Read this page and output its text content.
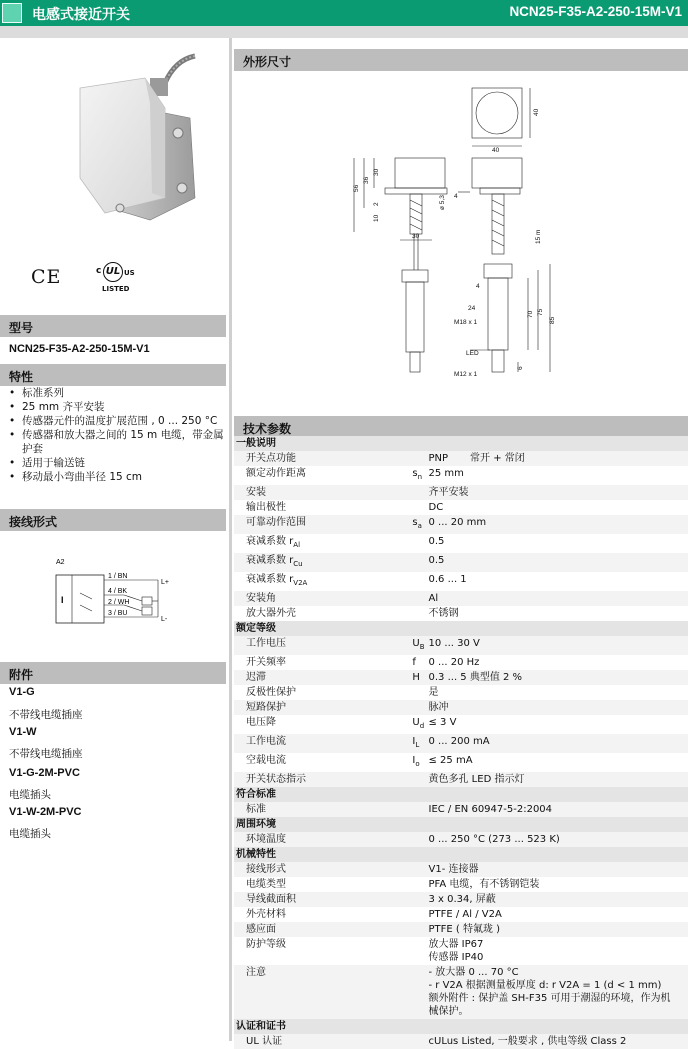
电感式接近开关	NCN25-F35-A2-250-15M-V1
CE	c UL US
LISTED
型号
NCN25-F35-A2-250-15M-V1
特性
• 标准系列
• 25 mm 齐平安装
• 传感器元件的温度扩展范围 , 0 ... 250 °C
• 传感器和放大器之间的 15 m 电缆，带金属护套
• 适用于输送链
• 移动最小弯曲半径 15 cm
接线形式
A2
I
1 / BN
4 / BK
2 / WH
3 / BU
L+
L-
附件
V1-G
不带线电缆插座
V1-W
不带线电缆插座
V1-G-2M-PVC
电缆插头
V1-W-2M-PVC
电缆插头
外形尺寸
40
40
56
36
30
ø 5,3
2
10
30
4
15 m
4
24
70 75
85
6
M18 x 1
LED
M12 x 1
技术参数
一般说明		
开关点功能		PNP 常开 + 常闭
额定动作距离	$s_n$	25 mm
安装		齐平安装
输出极性		DC
可靠动作范围	$s_a$	0 ... 20 mm
衰减系数 $r_{Al}$		0.5
衰减系数 $r_{Cu}$		0.5
衰减系数 $r_{V2A}$		0.6 ... 1
安装角		Al
放大器外壳		不锈钢
额定等级		
工作电压	$U_B$	10 ... 30 V
开关频率	f	0 ... 20 Hz
迟滞	H	0.3 ... 5 典型值 2 %
反极性保护		是
短路保护		脉冲
电压降	$U_d$	≤ 3 V
工作电流	$I_L$	0 ... 200 mA
空载电流	$I_o$	≤ 25 mA
开关状态指示		黄色多孔 LED 指示灯
符合标准		
标准		IEC / EN 60947-5-2:2004
周围环境		
环境温度		0 ... 250 °C (273 ... 523 K)
机械特性		
接线形式		V1- 连接器
电缆类型		PFA 电缆，有不锈钢铠装
导线截面积		3 x 0.34, 屏蔽
外壳材料		PTFE / Al / V2A
感应面		PTFE ( 特氟珑 )
防护等级		放大器 IP67
传感器 IP40

注意		- 放大器 0 ... 70 °C
- r V2A 根据测量板厚度 d: r V2A = 1 (d < 1 mm)
额外附件 : 保护盖 SH-F35 可用于潮湿的环境，作为机
械保护。

认证和证书		
UL 认证		cULus Listed, 一般要求 , 供电等级 Class 2
